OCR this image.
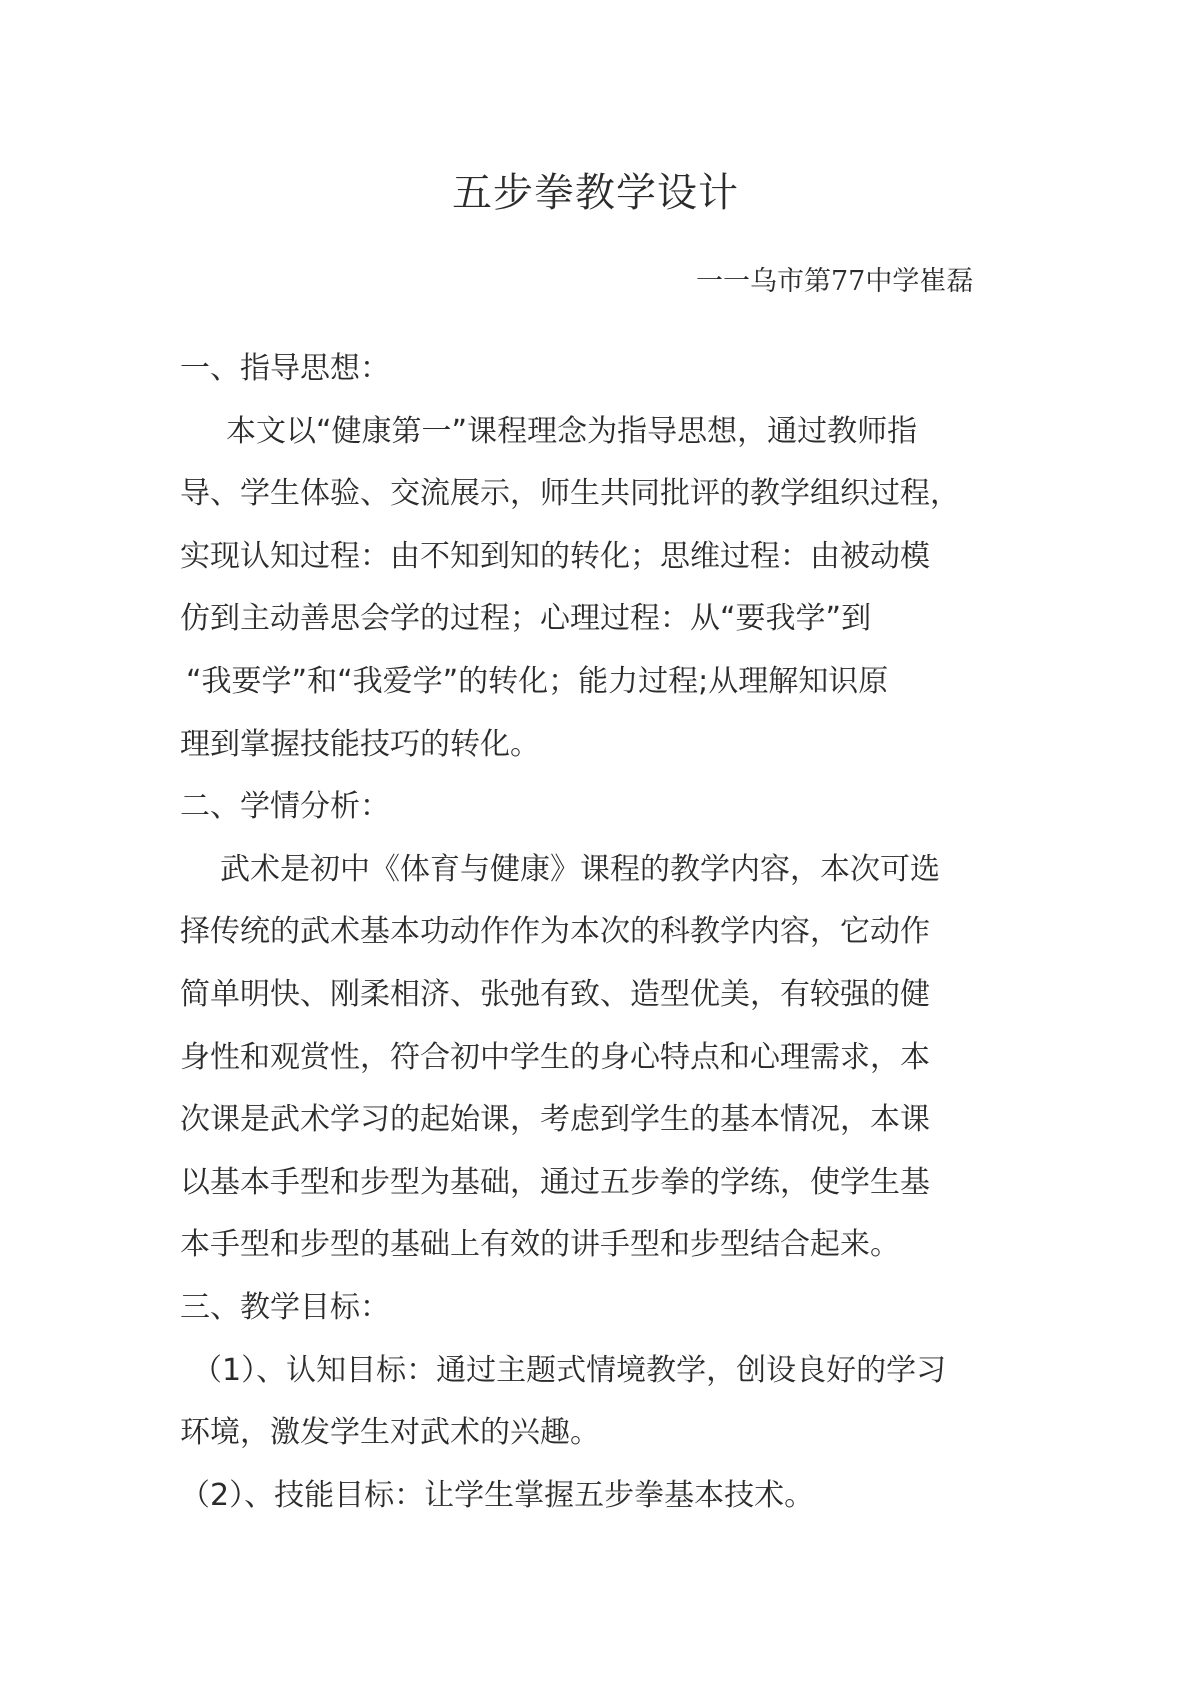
五步拳教学设计
一一乌市第77中学崔磊
一、指导思想：
本文以“健康第一”课程理念为指导思想，通过教师指
导、学生体验、交流展示，师生共同批评的教学组织过程，
实现认知过程：由不知到知的转化；思维过程：由被动模
仿到主动善思会学的过程；心理过程：从“要我学”到
“我要学”和“我爱学”的转化；能力过程;从理解知识原
理到掌握技能技巧的转化。
二、学情分析：
武术是初中《体育与健康》课程的教学内容，本次可选
择传统的武术基本功动作作为本次的科教学内容，它动作
简单明快、刚柔相济、张弛有致、造型优美，有较强的健
身性和观赏性，符合初中学生的身心特点和心理需求，本
次课是武术学习的起始课，考虑到学生的基本情况，本课
以基本手型和步型为基础，通过五步拳的学练，使学生基
本手型和步型的基础上有效的讲手型和步型结合起来。
三、教学目标：
（1）、认知目标：通过主题式情境教学，创设良好的学习
环境，激发学生对武术的兴趣。
（2）、技能目标：让学生掌握五步拳基本技术。
